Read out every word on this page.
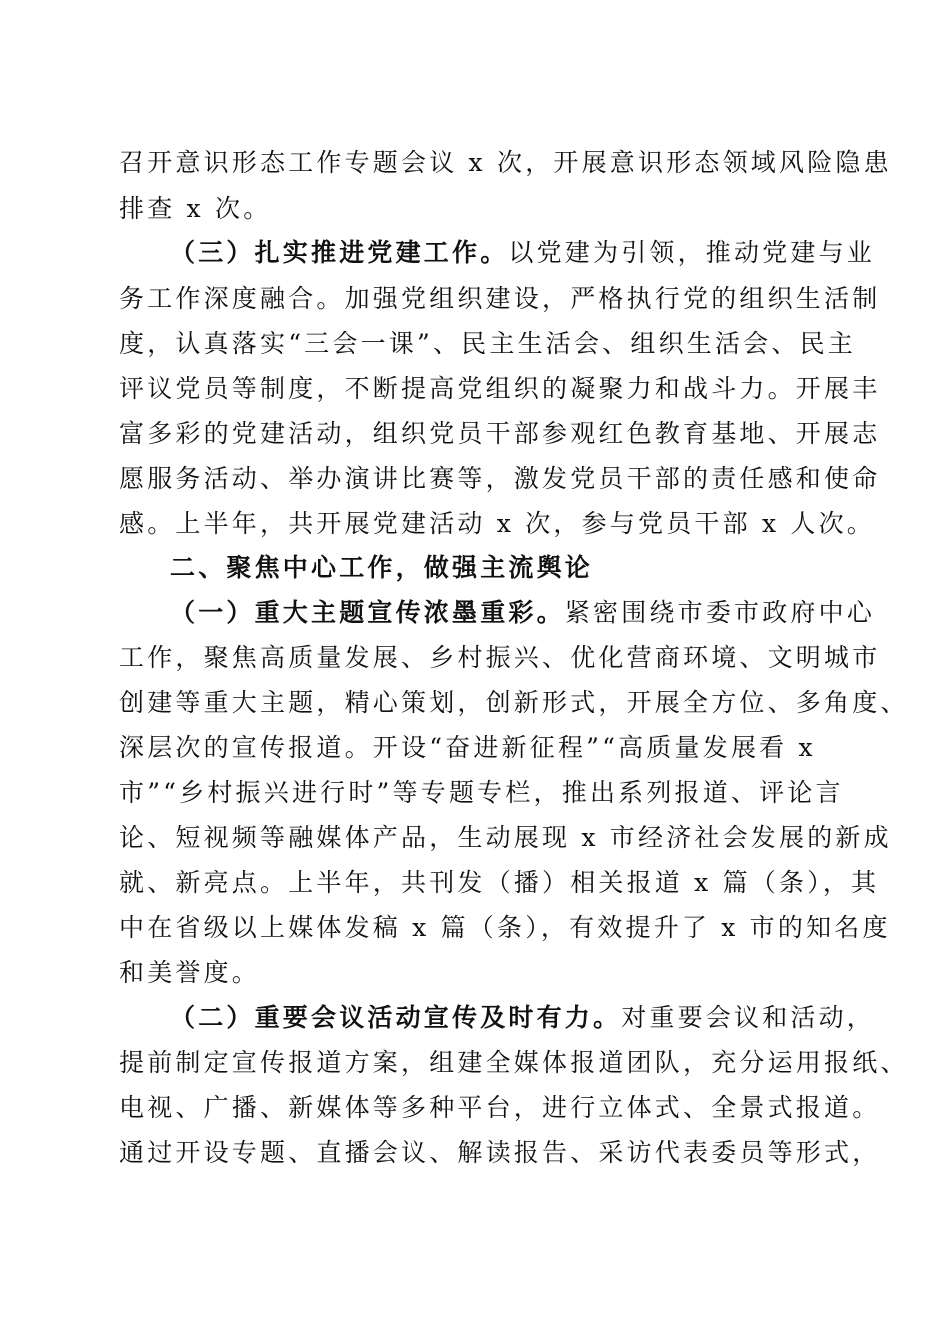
召开意识形态工作专题会议 x 次，开展意识形态领域风险隐患
排查 x 次。
（三）扎实推进党建工作。以党建为引领，推动党建与业
务工作深度融合。加强党组织建设，严格执行党的组织生活制
度，认真落实“三会一课”、民主生活会、组织生活会、民主
评议党员等制度，不断提高党组织的凝聚力和战斗力。开展丰
富多彩的党建活动，组织党员干部参观红色教育基地、开展志
愿服务活动、举办演讲比赛等，激发党员干部的责任感和使命
感。上半年，共开展党建活动 x 次，参与党员干部 x 人次。
二、聚焦中心工作，做强主流舆论
（一）重大主题宣传浓墨重彩。紧密围绕市委市政府中心
工作，聚焦高质量发展、乡村振兴、优化营商环境、文明城市
创建等重大主题，精心策划，创新形式，开展全方位、多角度、
深层次的宣传报道。开设“奋进新征程”“高质量发展看 x
市”“乡村振兴进行时”等专题专栏，推出系列报道、评论言
论、短视频等融媒体产品，生动展现 x 市经济社会发展的新成
就、新亮点。上半年，共刊发（播）相关报道 x 篇（条），其
中在省级以上媒体发稿 x 篇（条），有效提升了 x 市的知名度
和美誉度。
（二）重要会议活动宣传及时有力。对重要会议和活动，
提前制定宣传报道方案，组建全媒体报道团队，充分运用报纸、
电视、广播、新媒体等多种平台，进行立体式、全景式报道。
通过开设专题、直播会议、解读报告、采访代表委员等形式，
